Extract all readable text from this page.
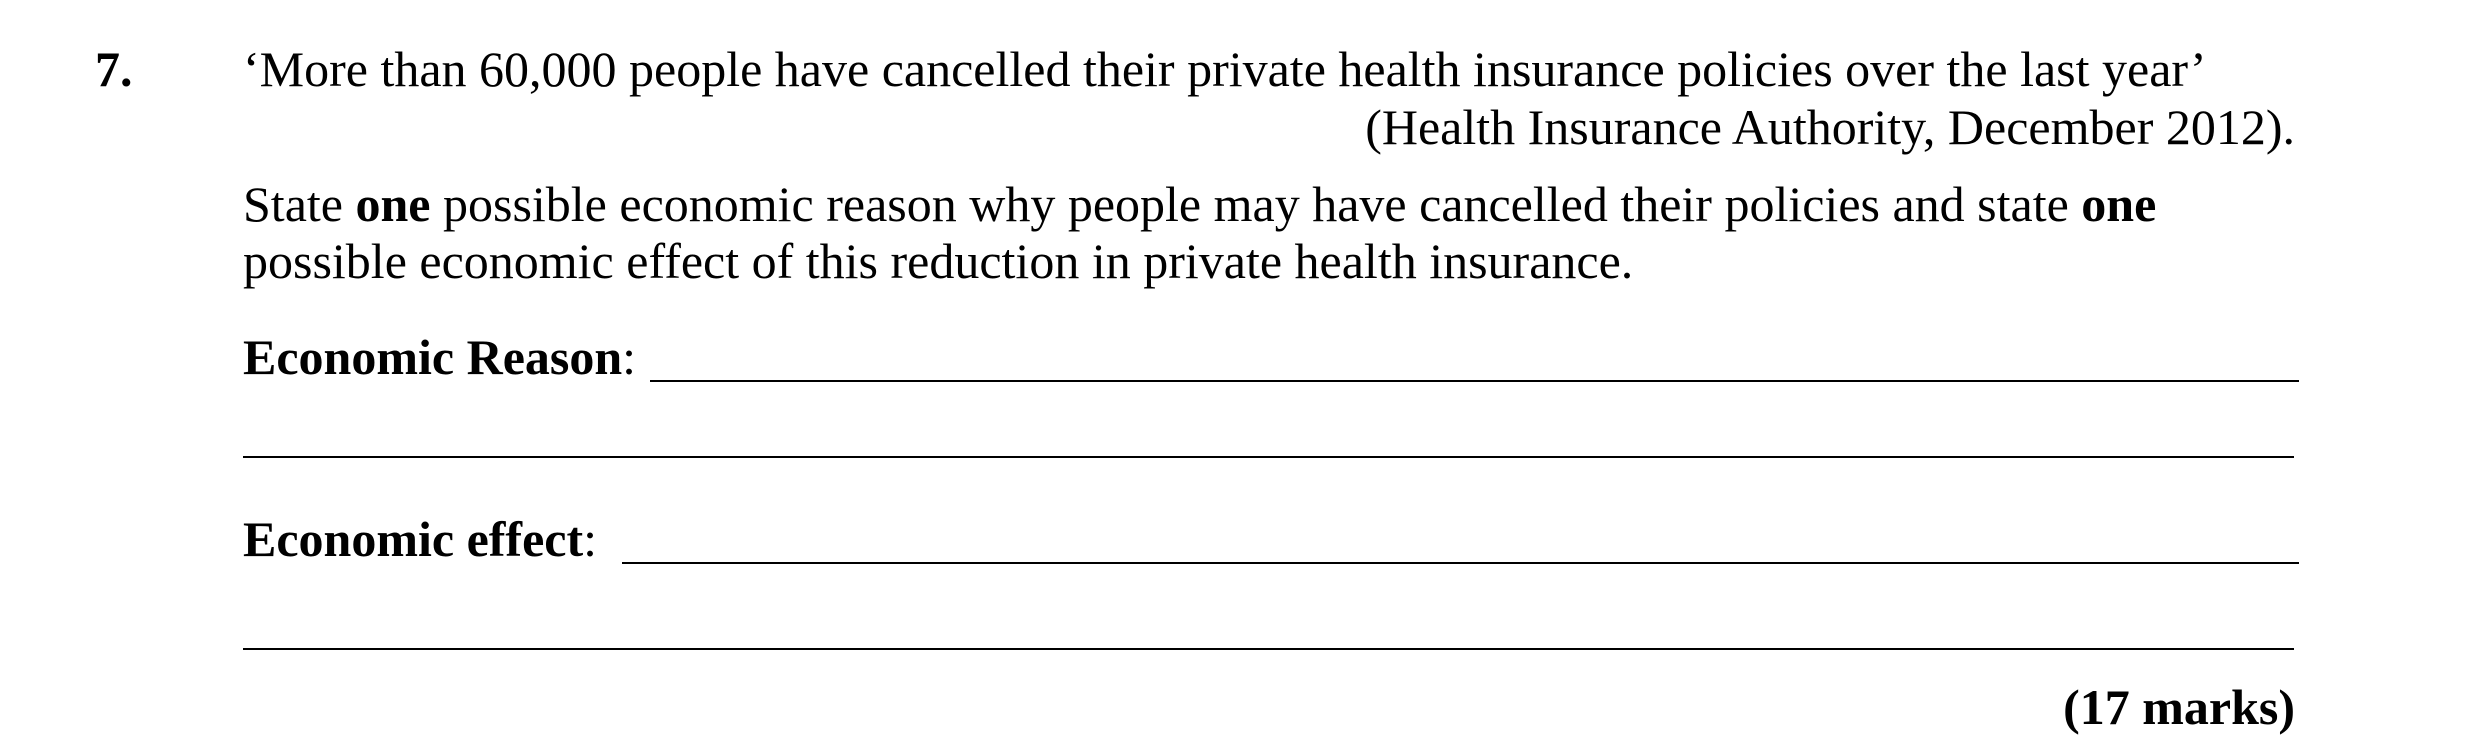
7. ‘More than 60,000 people have cancelled their private health insurance policies over the last year’
(Health Insurance Authority, December 2012).
State one possible economic reason why people may have cancelled their policies and state one
possible economic effect of this reduction in private health insurance.
Economic Reason:
Economic effect:
(17 marks)
